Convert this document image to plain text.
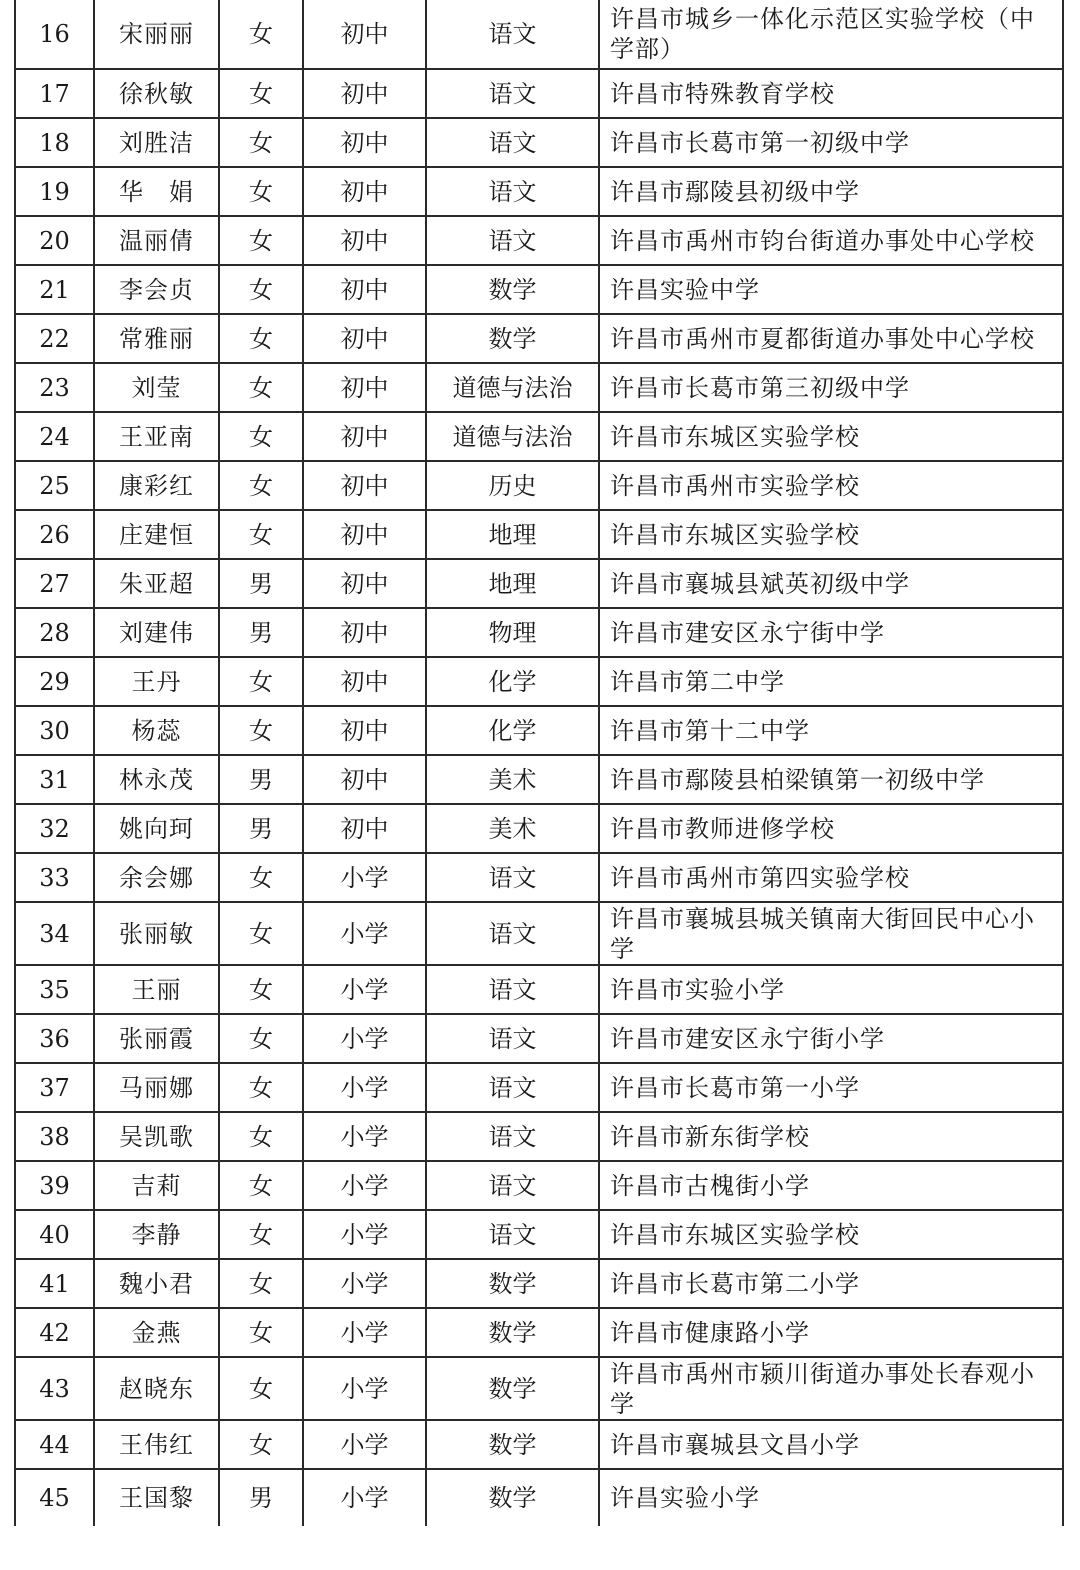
16	宋丽丽	女	初中	语文	许昌市城乡一体化示范区实验学校（中学部）
17	徐秋敏	女	初中	语文	许昌市特殊教育学校
18	刘胜洁	女	初中	语文	许昌市长葛市第一初级中学
19	华　娟	女	初中	语文	许昌市鄢陵县初级中学
20	温丽倩	女	初中	语文	许昌市禹州市钧台街道办事处中心学校
21	李会贞	女	初中	数学	许昌实验中学
22	常雅丽	女	初中	数学	许昌市禹州市夏都街道办事处中心学校
23	刘莹	女	初中	道德与法治	许昌市长葛市第三初级中学
24	王亚南	女	初中	道德与法治	许昌市东城区实验学校
25	康彩红	女	初中	历史	许昌市禹州市实验学校
26	庄建恒	女	初中	地理	许昌市东城区实验学校
27	朱亚超	男	初中	地理	许昌市襄城县斌英初级中学
28	刘建伟	男	初中	物理	许昌市建安区永宁街中学
29	王丹	女	初中	化学	许昌市第二中学
30	杨蕊	女	初中	化学	许昌市第十二中学
31	林永茂	男	初中	美术	许昌市鄢陵县柏梁镇第一初级中学
32	姚向珂	男	初中	美术	许昌市教师进修学校
33	余会娜	女	小学	语文	许昌市禹州市第四实验学校
34	张丽敏	女	小学	语文	许昌市襄城县城关镇南大街回民中心小学
35	王丽	女	小学	语文	许昌市实验小学
36	张丽霞	女	小学	语文	许昌市建安区永宁街小学
37	马丽娜	女	小学	语文	许昌市长葛市第一小学
38	吴凯歌	女	小学	语文	许昌市新东街学校
39	吉莉	女	小学	语文	许昌市古槐街小学
40	李静	女	小学	语文	许昌市东城区实验学校
41	魏小君	女	小学	数学	许昌市长葛市第二小学
42	金燕	女	小学	数学	许昌市健康路小学
43	赵晓东	女	小学	数学	许昌市禹州市颍川街道办事处长春观小学
44	王伟红	女	小学	数学	许昌市襄城县文昌小学
45	王国黎	男	小学	数学	许昌实验小学
